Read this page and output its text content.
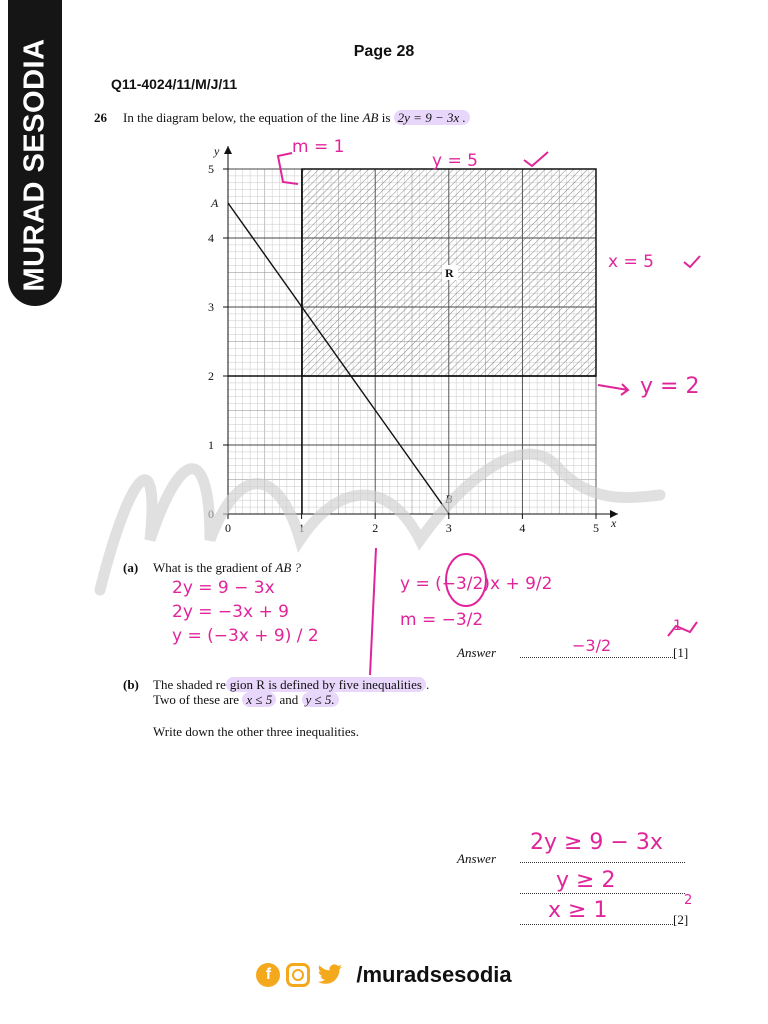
MURAD SESODIA	Page 28
Q11-4024/11/M/J/11
26 In the diagram below, the equation of the line AB is 2y = 9 − 3x .
0	1	2	3	4	5
0
1
2
3
4
5
x
y
A
B
R
m = 1
y = 5
x = 5
y = 2
(a) What is the gradient of AB ?
2y = 9 − 3x
2y = −3x + 9
y = (−3x + 9) / 2
y = (−3/2)x + 9/2
m = −3/2
Answer	−3/2	[1]
1
(b) The shaded re gion R is defined by five inequalities .
Two of these are x ≤ 5 and y ≤ 5.
Write down the other three inequalities.
Answer
2y ≥ 9 − 3x
y ≥ 2
x ≥ 1	[2]
2
f	/muradsesodia
